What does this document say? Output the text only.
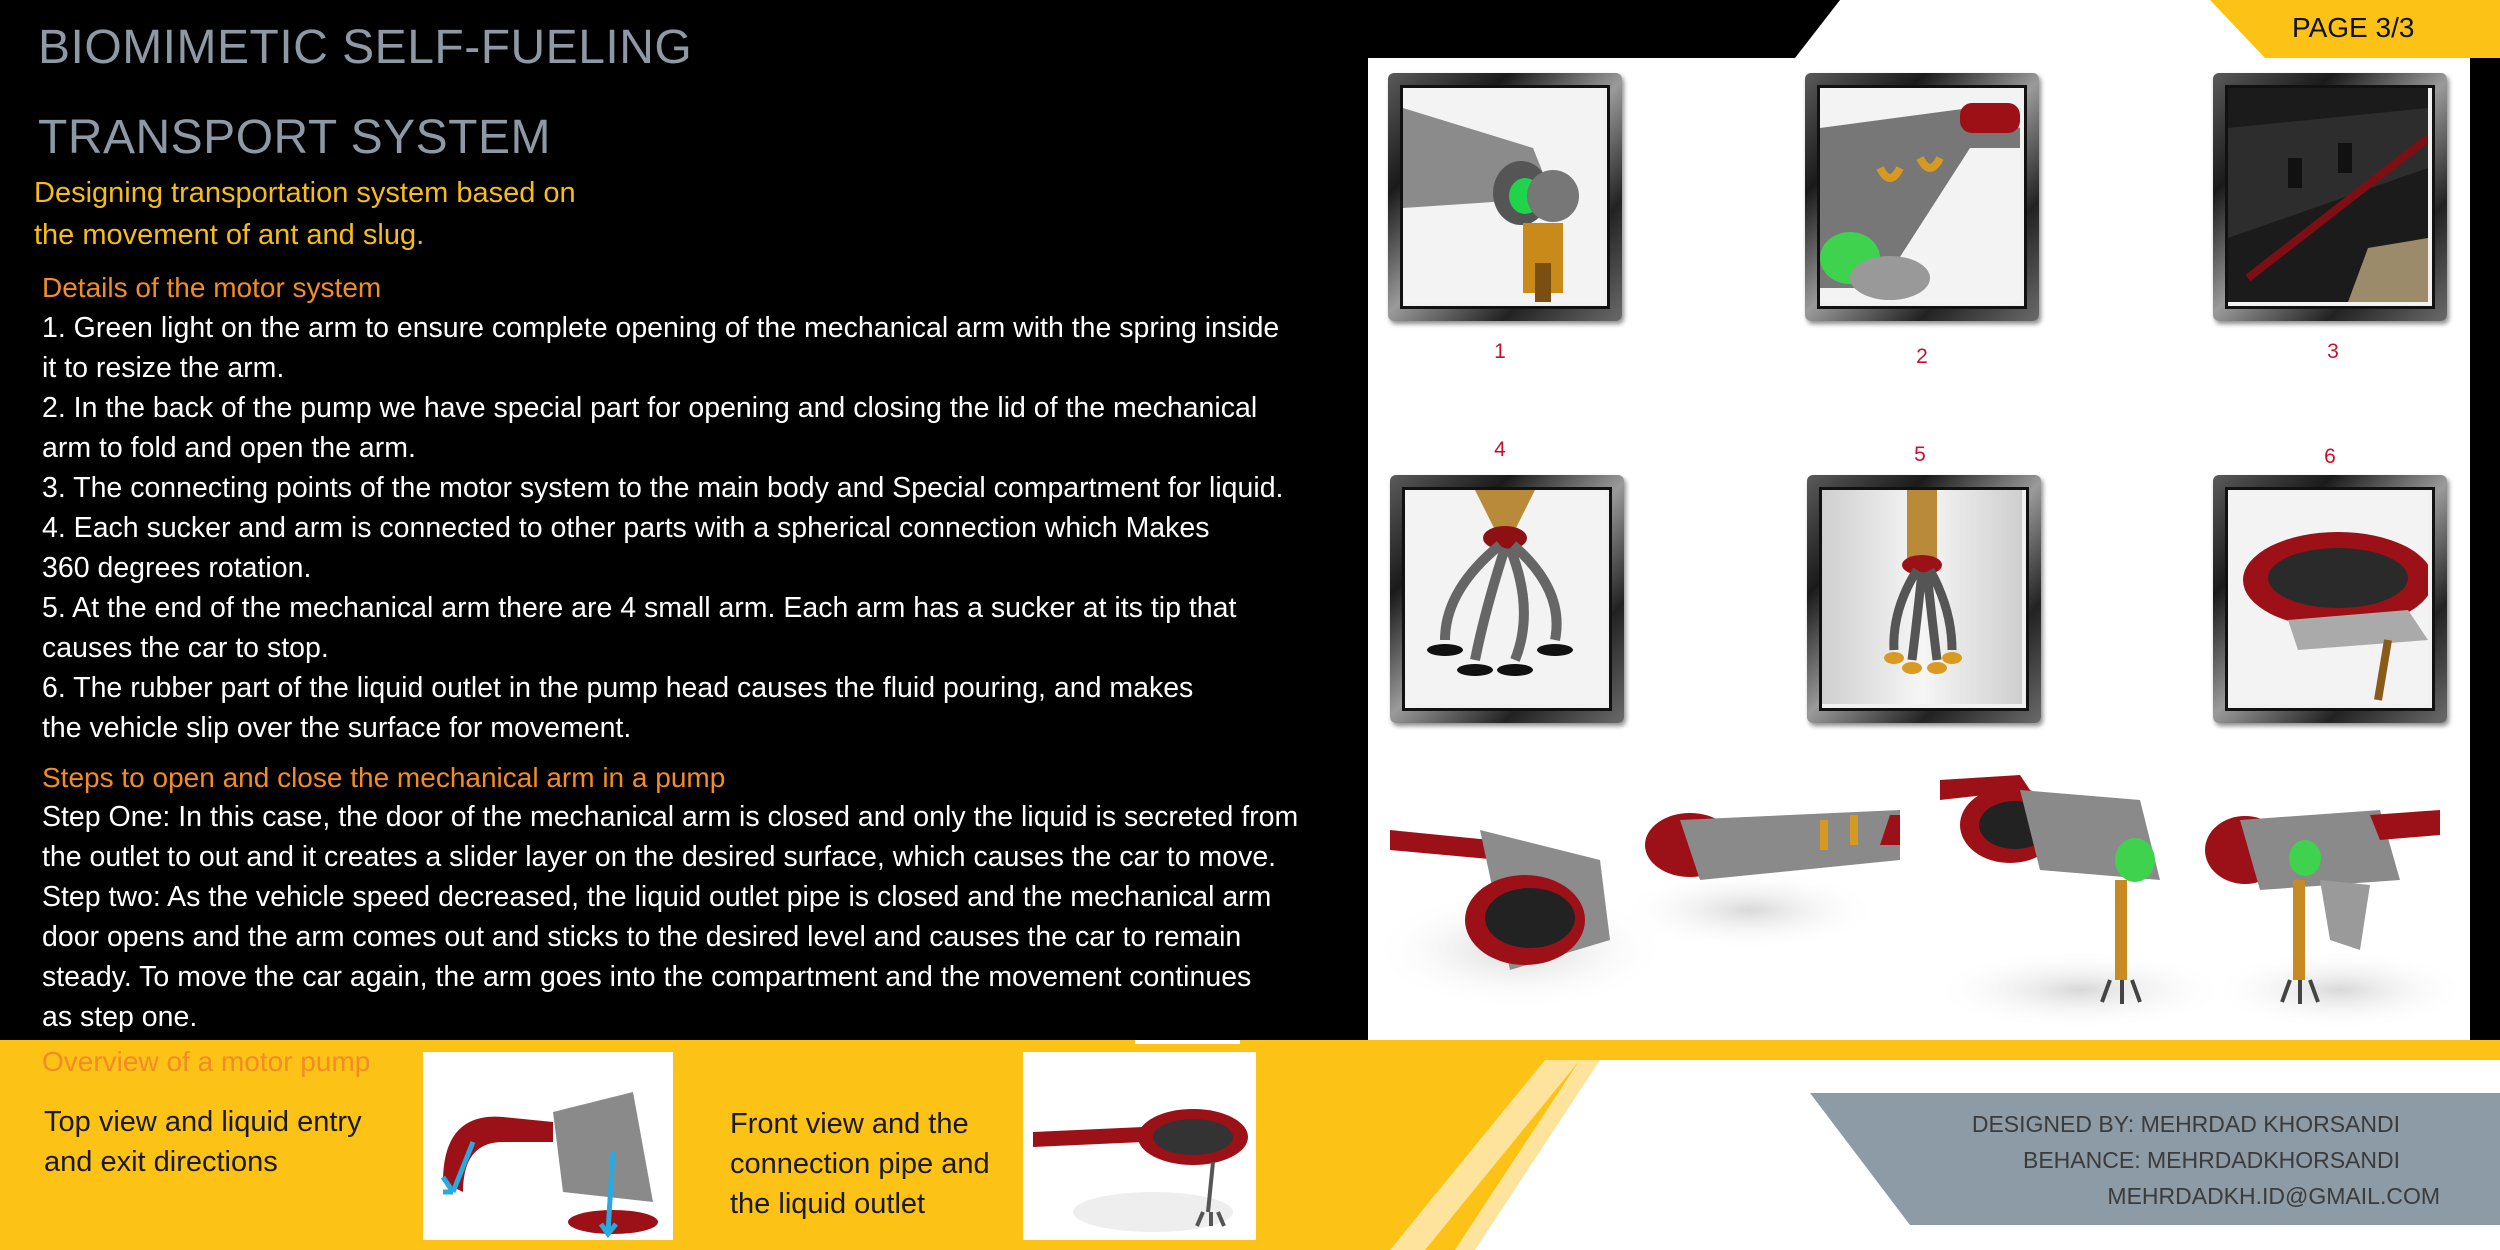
PAGE 3/3
BIOMIMETIC SELF-FUELING
TRANSPORT SYSTEM
Designing transportation system based on
the movement of ant and slug.
Details of the motor system
1. Green light on the arm to ensure complete opening of the mechanical arm with the spring inside
it to resize the arm.
2. In the back of the pump we have special part for opening and closing the lid of the mechanical
arm to fold and open the arm.
3. The connecting points of the motor system to the main body and Special compartment for liquid.
4. Each sucker and arm is connected to other parts with a spherical connection which Makes
360 degrees rotation.
5. At the end of the mechanical arm there are 4 small arm. Each arm has a sucker at its tip that
causes the car to stop.
6. The rubber part of the liquid outlet in the pump head causes the fluid pouring, and makes
the vehicle slip over the surface for movement.
Steps to open and close the mechanical arm in a pump
Step One: In this case, the door of the mechanical arm is closed and only the liquid is secreted from
the outlet to out and it creates a slider layer on the desired surface, which causes the car to move.
Step two: As the vehicle speed decreased, the liquid outlet pipe is closed and the mechanical arm
door opens and the arm comes out and sticks to the desired level and causes the car to remain
steady. To move the car again, the arm goes into the compartment and the movement continues
as step one.
1	2	3
4	5	6
Overview of a motor pump
Top view and liquid entry
and exit directions
Front view and the
connection pipe and
the liquid outlet
DESIGNED BY: MEHRDAD KHORSANDI
BEHANCE: MEHRDADKHORSANDI
MEHRDADKH.ID@GMAIL.COM
